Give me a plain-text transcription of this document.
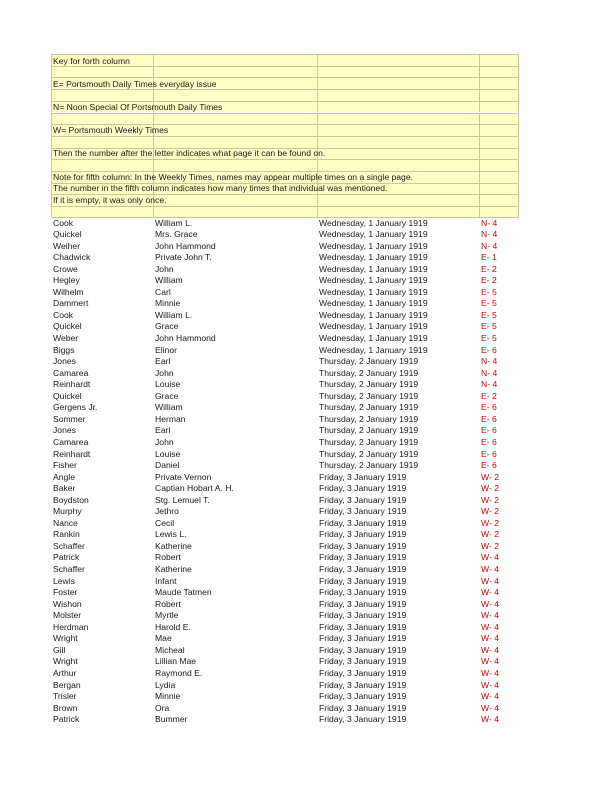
Key for forth column
E= Portsmouth Daily Times everyday issue
N= Noon Special Of Portsmouth Daily Times
W= Portsmouth Weekly Times
Then the number after the letter indicates what page it can be found on.
Note for fifth column: In the Weekly Times, names may appear multiple times on a single page.
The number in the fifth column indicates how many times that individual was mentioned.
If it is empty, it was only once.
Cook	William L.	Wednesday, 1 January 1919	N- 4
Quickel	Mrs. Grace	Wednesday, 1 January 1919	N- 4
Weiher	John Hammond	Wednesday, 1 January 1919	N- 4
Chadwick	Private John T.	Wednesday, 1 January 1919	E- 1
Crowe	John	Wednesday, 1 January 1919	E- 2
Hegley	William	Wednesday, 1 January 1919	E- 2
Wilhelm	Carl	Wednesday, 1 January 1919	E- 5
Dammert	Minnie	Wednesday, 1 January 1919	E- 5
Cook	William L.	Wednesday, 1 January 1919	E- 5
Quickel	Grace	Wednesday, 1 January 1919	E- 5
Weber	John Hammond	Wednesday, 1 January 1919	E- 5
Biggs	Elinor	Wednesday, 1 January 1919	E- 6
Jones	Earl	Thursday, 2 January 1919	N- 4
Camarea	John	Thursday, 2 January 1919	N- 4
Reinhardt	Louise	Thursday, 2 January 1919	N- 4
Quickel	Grace	Thursday, 2 January 1919	E- 2
Gergens Jr.	William	Thursday, 2 January 1919	E- 6
Sommer	Herman	Thursday, 2 January 1919	E- 6
Jones	Earl	Thursday, 2 January 1919	E- 6
Camarea	John	Thursday, 2 January 1919	E- 6
Reinhardt	Louise	Thursday, 2 January 1919	E- 6
Fisher	Daniel	Thursday, 2 January 1919	E- 6
Angle	Private Vernon	Friday, 3 January 1919	W- 2
Baker	Captian Hobart A. H.	Friday, 3 January 1919	W- 2
Boydston	Stg. Lemuel T.	Friday, 3 January 1919	W- 2
Murphy	Jethro	Friday, 3 January 1919	W- 2
Nance	Cecil	Friday, 3 January 1919	W- 2
Rankin	Lewis L.	Friday, 3 January 1919	W- 2
Schaffer	Katherine	Friday, 3 January 1919	W- 2
Patrick	Robert	Friday, 3 January 1919	W- 4
Schaffer	Katherine	Friday, 3 January 1919	W- 4
Lewis	Infant	Friday, 3 January 1919	W- 4
Foster	Maude Tatmen	Friday, 3 January 1919	W- 4
Wishon	Robert	Friday, 3 January 1919	W- 4
Molster	Myrtle	Friday, 3 January 1919	W- 4
Herdman	Harold E.	Friday, 3 January 1919	W- 4
Wright	Mae	Friday, 3 January 1919	W- 4
Gill	Micheal	Friday, 3 January 1919	W- 4
Wright	Lillian Mae	Friday, 3 January 1919	W- 4
Arthur	Raymond E.	Friday, 3 January 1919	W- 4
Bergan	Lydia	Friday, 3 January 1919	W- 4
Trisler	Minnie	Friday, 3 January 1919	W- 4
Brown	Ora	Friday, 3 January 1919	W- 4
Patrick	Bummer	Friday, 3 January 1919	W- 4
